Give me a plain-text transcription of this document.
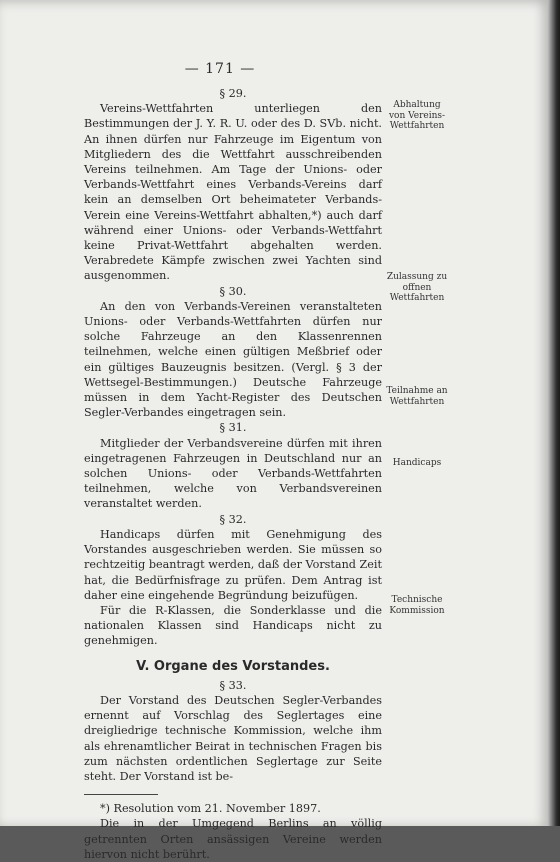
— 171 —

§ 29.

Vereins-Wettfahrten unterliegen den Bestimmungen der J. Y. R. U. oder des D. SVb. nicht. An ihnen dürfen nur Fahrzeuge im Eigentum von Mitgliedern des die Wettfahrt ausschreibenden Vereins teilnehmen. Am Tage der Unions- oder Verbands-Wettfahrt eines Verbands-Vereins darf kein an demselben Ort beheimateter Verbands-Verein eine Vereins-Wettfahrt abhalten,*) auch darf während einer Unions- oder Verbands-Wettfahrt keine Privat-Wettfahrt abgehalten werden. Verabredete Kämpfe zwischen zwei Yachten sind ausgenommen.

§ 30.

An den von Verbands-Vereinen veranstalteten Unions- oder Verbands-Wettfahrten dürfen nur solche Fahrzeuge an den Klassenrennen teilnehmen, welche einen gültigen Meßbrief oder ein gültiges Bauzeugnis besitzen. (Vergl. § 3 der Wettsegel-Bestimmungen.) Deutsche Fahrzeuge müssen in dem Yacht-Register des Deutschen Segler-Verbandes eingetragen sein.

§ 31.

Mitglieder der Verbandsvereine dürfen mit ihren eingetragenen Fahrzeugen in Deutschland nur an solchen Unions- oder Verbands-Wettfahrten teilnehmen, welche von Verbandsvereinen veranstaltet werden.

§ 32.

Handicaps dürfen mit Genehmigung des Vorstandes ausgeschrieben werden. Sie müssen so rechtzeitig beantragt werden, daß der Vorstand Zeit hat, die Bedürfnisfrage zu prüfen. Dem Antrag ist daher eine eingehende Begründung beizufügen.

Für die R-Klassen, die Sonderklasse und die nationalen Klassen sind Handicaps nicht zu genehmigen.

V. Organe des Vorstandes.

§ 33.

Der Vorstand des Deutschen Segler-Verbandes ernennt auf Vorschlag des Seglertages eine dreigliedrige technische Kommission, welche ihm als ehrenamtlicher Beirat in technischen Fragen bis zum nächsten ordentlichen Seglertage zur Seite steht. Der Vorstand ist be-

*) Resolution vom 21. November 1897.

Die in der Umgegend Berlins an völlig getrennten Orten ansässigen Vereine werden hiervon nicht berührt.

Abhaltung von Vereins-Wettfahrten
Zulassung zu offnen Wettfahrten
Teilnahme an Wettfahrten
Handicaps
Technische Kommission
